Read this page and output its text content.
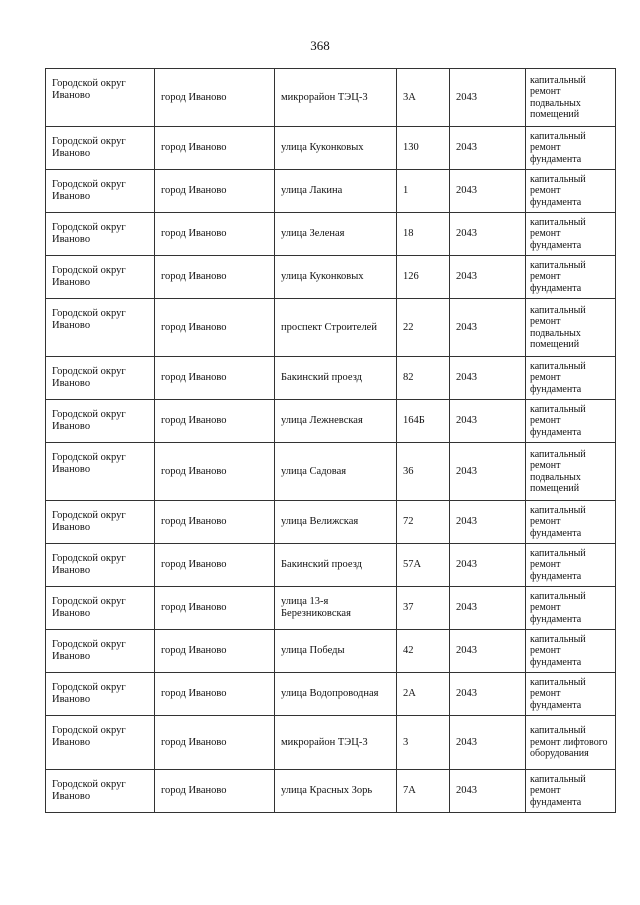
368
Городской округ Иваново	город Иваново	микрорайон ТЭЦ-3	3А	2043	капитальный ремонт подвальных помещений
Городской округ Иваново	город Иваново	улица Куконковых	130	2043	капитальный ремонт фундамента
Городской округ Иваново	город Иваново	улица Лакина	1	2043	капитальный ремонт фундамента
Городской округ Иваново	город Иваново	улица Зеленая	18	2043	капитальный ремонт фундамента
Городской округ Иваново	город Иваново	улица Куконковых	126	2043	капитальный ремонт фундамента
Городской округ Иваново	город Иваново	проспект Строителей	22	2043	капитальный ремонт подвальных помещений
Городской округ Иваново	город Иваново	Бакинский проезд	82	2043	капитальный ремонт фундамента
Городской округ Иваново	город Иваново	улица Лежневская	164Б	2043	капитальный ремонт фундамента
Городской округ Иваново	город Иваново	улица Садовая	36	2043	капитальный ремонт подвальных помещений
Городской округ Иваново	город Иваново	улица Велижская	72	2043	капитальный ремонт фундамента
Городской округ Иваново	город Иваново	Бакинский проезд	57А	2043	капитальный ремонт фундамента
Городской округ Иваново	город Иваново	улица 13-я Березниковская	37	2043	капитальный ремонт фундамента
Городской округ Иваново	город Иваново	улица Победы	42	2043	капитальный ремонт фундамента
Городской округ Иваново	город Иваново	улица Водопроводная	2А	2043	капитальный ремонт фундамента
Городской округ Иваново	город Иваново	микрорайон ТЭЦ-3	3	2043	капитальный ремонт лифтового оборудования
Городской округ Иваново	город Иваново	улица Красных Зорь	7А	2043	капитальный ремонт фундамента
